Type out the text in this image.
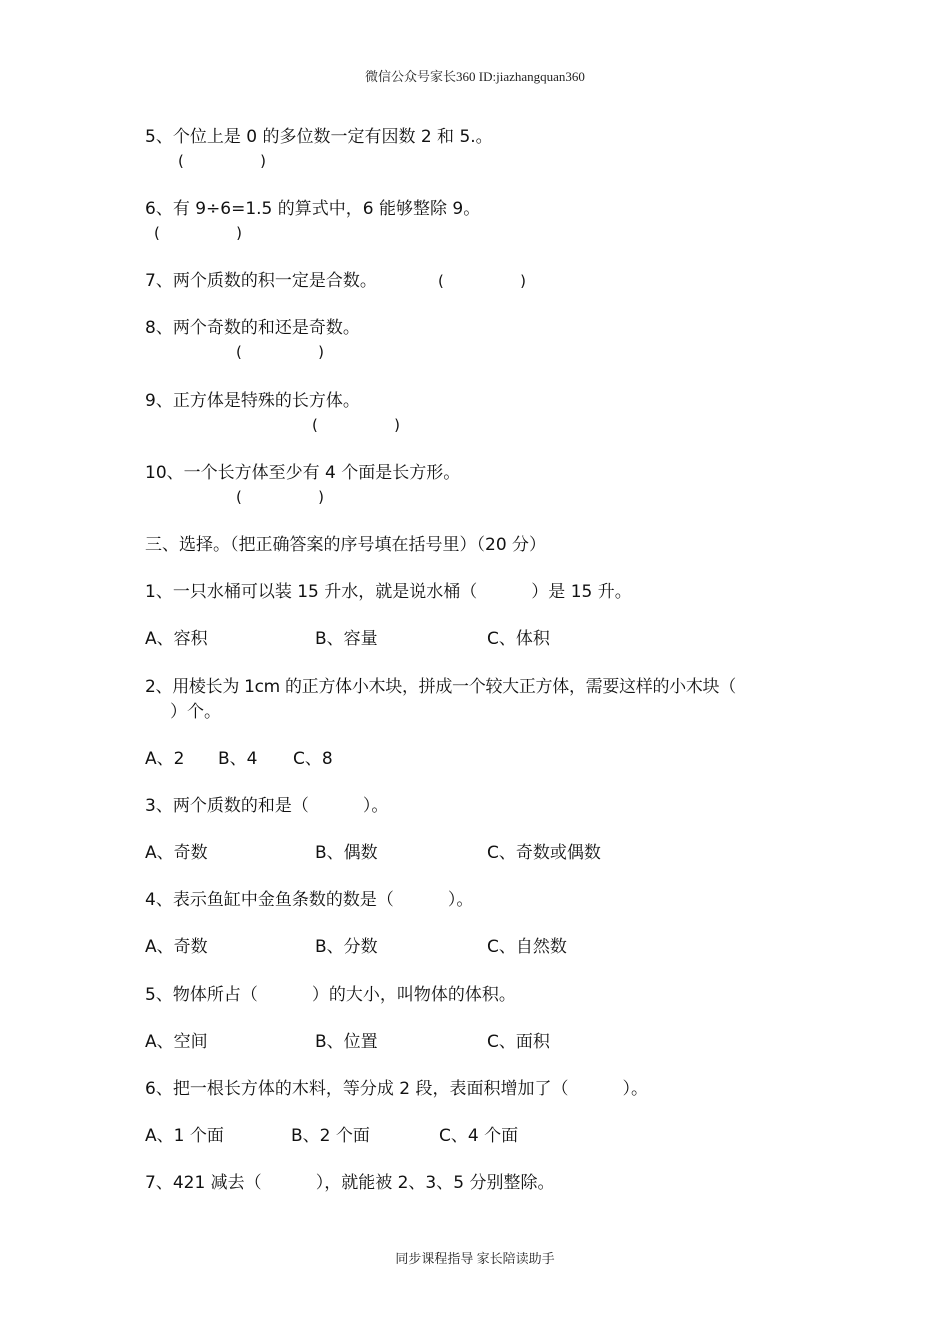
微信公众号家长360 ID:jiazhangquan360
5、个位上是 0 的多位数一定有因数 2 和 5.。
(                )
6、有 9÷6=1.5 的算式中，6 能够整除 9。
(                )
7、两个质数的积一定是合数。	(                )
8、两个奇数的和还是奇数。
(                )
9、正方体是特殊的长方体。
(                )
10、一个长方体至少有 4 个面是长方形。
(                )
三、选择。（把正确答案的序号填在括号里）（20 分）
1、一只水桶可以装 15 升水，就是说水桶（          ）是 15 升。
A、容积	B、容量	C、体积
2、用棱长为 1cm 的正方体小木块，拼成一个较大正方体，需要这样的小木块（
）个。
A、2 B、4 C、8
3、两个质数的和是（          ）。
A、奇数	B、偶数	C、奇数或偶数
4、表示鱼缸中金鱼条数的数是（          ）。
A、奇数	B、分数	C、自然数
5、物体所占（          ）的大小，叫物体的体积。
A、空间	B、位置	C、面积
6、把一根长方体的木料，等分成 2 段，表面积增加了（          ）。
A、1 个面	B、2 个面	C、4 个面
7、421 减去（          ），就能被 2、3、5 分别整除。
同步课程指导 家长陪读助手
